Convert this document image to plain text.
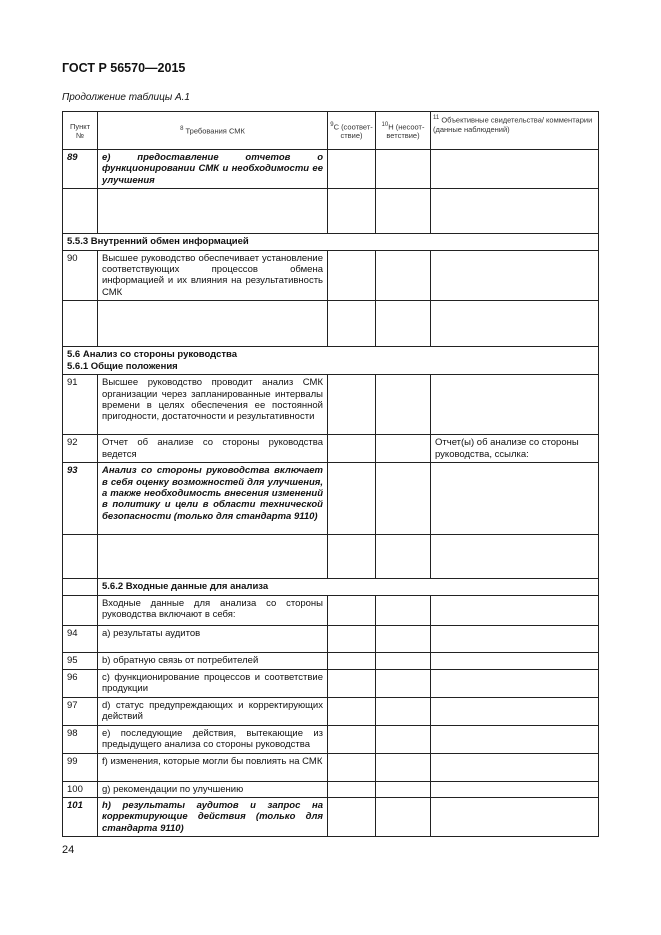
ГОСТ Р 56570—2015
Продолжение таблицы А.1
Пункт №	$^8$ Требования СМК	$^9$С (соответ-ствие)	$^{10}$Н (несоот-ветствие)	$^{11}$ Объективные свидетельства/ комментарии (данные наблюдений)
89	е) предоставление отчетов о функционировании СМК и необходимости ее улучшения			

5.5.3 Внутренний обмен информацией				
90	Высшее руководство обеспечивает установление соответствующих процессов обмена информацией и их влияния на результативность СМК			

5.6 Анализ со стороны руководства
5.6.1 Общие положения				

91	Высшее руководство проводит анализ СМК организации через запланированные интервалы времени в целях обеспечения ее постоянной пригодности, достаточности и результативности			
92	Отчет об анализе со стороны руководства ведется			Отчет(ы) об анализе со стороны руководства, ссылка:
93	Анализ со стороны руководства включает в себя оценку возможностей для улучшения, а также необходимость внесения изменений в политику и цели в области технической безопасности (только для стандарта 9110)			

	5.6.2 Входные данные для анализа			
	Входные данные для анализа со стороны руководства включают в себя:			
94	a) результаты аудитов			
95	b) обратную связь от потребителей			
96	c) функционирование процессов и соответствие продукции			
97	d) статус предупреждающих и корректирующих действий			
98	e) последующие действия, вытекающие из предыдущего анализа со стороны руководства			
99	f) изменения, которые могли бы повлиять на СМК			
100	g) рекомендации по улучшению			
101	h) результаты аудитов и запрос на корректирующие действия (только для стандарта 9110)			
24
